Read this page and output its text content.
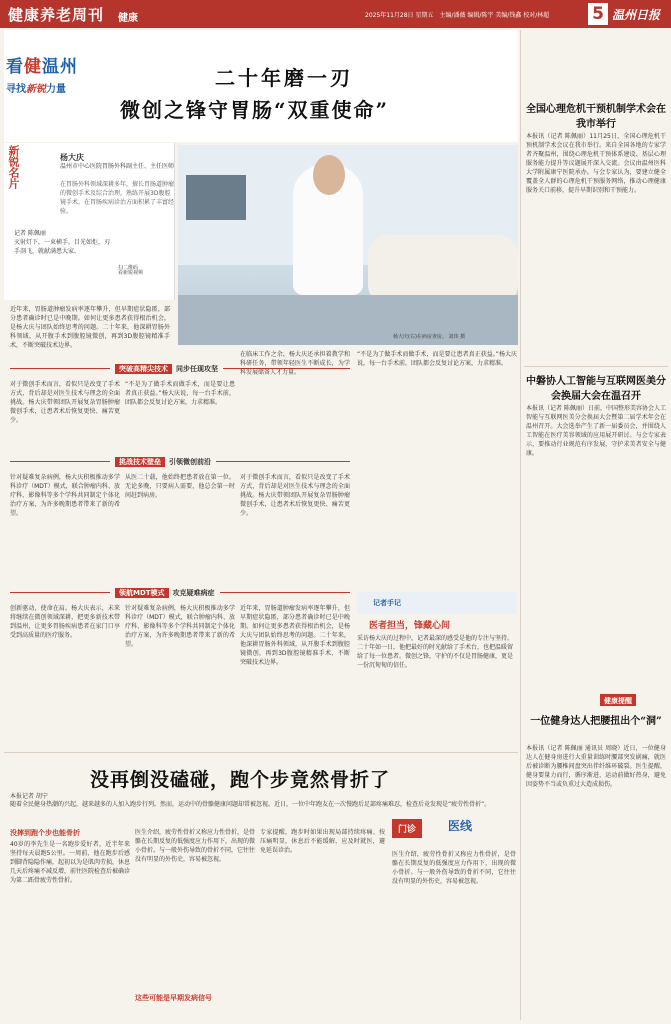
健康养老周刊 健康	2025年11月28日 星期五　主编/潘薇 编辑/陈宇 美编/钱鑫 校对/林超	5 温州日报
看健温州
寻找新锐力量	二十年磨一刃
微创之锋守胃肠“双重使命”
新锐名片	杨大庆
温州市中心医院胃肠外科副主任、主任医师
在胃肠外科领域深耕多年，擅长胃肠道肿瘤的微创手术及综合治理，熟练开展3D腹腔镜手术，在胃肠疾病诊治方面积累了丰富经验。
记者 陈佩丽
灭射灯下，一束横手，目光如炬，刃手剖飞，就献满患大家。
扫二维码
看新锐视频
杨大庆(右)在病房查房。 刘玮 摄
近年来，胃肠道肿瘤发病率逐年攀升，但早期症状隐匿，部分患者确诊时已是中晚期。如何让更多患者获得根治机会，是杨大庆与团队始终思考的问题。二十年来，他深耕胃肠外科领域，从开腹手术到腹腔镜微创，再到3D腹腔镜精准手术，不断突破技术边界。
突破高精尖技术 同步任现攻坚
对于微创手术而言，看似只是改变了手术方式，背后却是对医生技术与理念的全面挑战。杨大庆带领团队开展复杂胃肠肿瘤微创手术，让患者术后恢复更快、痛苦更少。
“不是为了做手术而做手术，而是要让患者真正获益。”杨大庆说，每一台手术前，团队都会反复讨论方案，力求精准。
在临床工作之余，杨大庆还承担着教学和科研任务，带领年轻医生不断成长，为学科发展储备人才力量。
挑战技术壁垒 引领微创前沿
针对疑难复杂病例，杨大庆积极推动多学科诊疗（MDT）模式，联合肿瘤内科、放疗科、影像科等多个学科共同制定个体化治疗方案，为许多晚期患者带来了新的希望。
从医二十载，他始终把患者放在第一位。无论多晚，只要病人需要，他总会第一时间赶到病房。
对于微创手术而言，看似只是改变了手术方式，背后却是对医生技术与理念的全面挑战。杨大庆带领团队开展复杂胃肠肿瘤微创手术，让患者术后恢复更快、痛苦更少。
领航MDT模式 攻克疑难病症
创新驱动，使命在肩。杨大庆表示，未来将继续在微创领域深耕，把更多新技术带到温州，让更多胃肠疾病患者在家门口享受到高质量的医疗服务。
针对疑难复杂病例，杨大庆积极推动多学科诊疗（MDT）模式，联合肿瘤内科、放疗科、影像科等多个学科共同制定个体化治疗方案，为许多晚期患者带来了新的希望。
近年来，胃肠道肿瘤发病率逐年攀升，但早期症状隐匿，部分患者确诊时已是中晚期。如何让更多患者获得根治机会，是杨大庆与团队始终思考的问题。二十年来，他深耕胃肠外科领域，从开腹手术到腹腔镜微创，再到3D腹腔镜精准手术，不断突破技术边界。
“不是为了做手术而做手术，而是要让患者真正获益。”杨大庆说，每一台手术前，团队都会反复讨论方案，力求精准。
记者手记
医者担当，锋藏心间
采访杨大庆的过程中，记者最深的感受是他的专注与坚持。二十年如一日，他把最好的时光献给了手术台，也把温暖留给了每一位患者。微创之锋，守护的不仅是胃肠健康，更是一份沉甸甸的信任。
没再倒没磕碰，跑个步竟然骨折了
本报记者 胡宁
随着全民健身热潮的兴起，越来越多的人加入跑步行列。然而，运动中的骨骼健康问题却常被忽视。近日，一位中年跑友在一次慢跑后足部疼痛难忍，检查后竟发现是“疲劳性骨折”。
没摔到跑个步也能骨折
40岁的李先生是一名跑步爱好者，近半年来坚持每天晨跑5公里。一周前，他在跑步后感到脚背隐隐作痛，起初以为是肌肉劳损，休息几天后疼痛不减反增，前往医院检查后被确诊为第二跖骨疲劳性骨折。
医生介绍，疲劳性骨折又称应力性骨折，是骨骼在长期反复的低强度应力作用下，出现的微小骨折。与一般外伤导致的骨折不同，它往往没有明显的外伤史，容易被忽视。
这些可能是早期发病信号
专家提醒，跑步时如果出现局部持续疼痛、按压痛明显，休息后不能缓解，应及时就医，避免延误诊治。
门诊	医线
医生介绍，疲劳性骨折又称应力性骨折，是骨骼在长期反复的低强度应力作用下，出现的微小骨折。与一般外伤导致的骨折不同，它往往没有明显的外伤史，容易被忽视。
全国心理危机干预机制学术会在我市举行
本报讯（记者 陈佩丽）11月25日，全国心理危机干预机制学术会议在我市举行。来自全国各地的专家学者齐聚温州，围绕心理危机干预体系建设、基层心理服务能力提升等议题展开深入交流。会议由温州医科大学附属康宁医院承办。与会专家认为，要建立健全覆盖全人群的心理危机干预服务网络，推动心理健康服务关口前移，提升早期识别和干预能力。
中磐协人工智能与互联网医美分会换届大会在温召开
本报讯（记者 陈佩丽）日前，中国整形美容协会人工智能与互联网医美分会换届大会暨第二届学术年会在温州召开。大会选举产生了新一届委员会，并围绕人工智能在医疗美容领域的应用展开研讨。与会专家表示，要推动行业规范有序发展，守护求美者安全与健康。
健康提醒
一位健身达人把腰扭出个“洞”
本报讯（记者 陈佩丽 通讯员 周晓）近日，一位健身达人在健身房进行大重量训练时腰部突发剧痛，就医后被诊断为腰椎间盘突出伴纤维环破裂。医生提醒，健身要量力而行，循序渐进，运动前做好热身，避免因姿势不当或负重过大造成损伤。
